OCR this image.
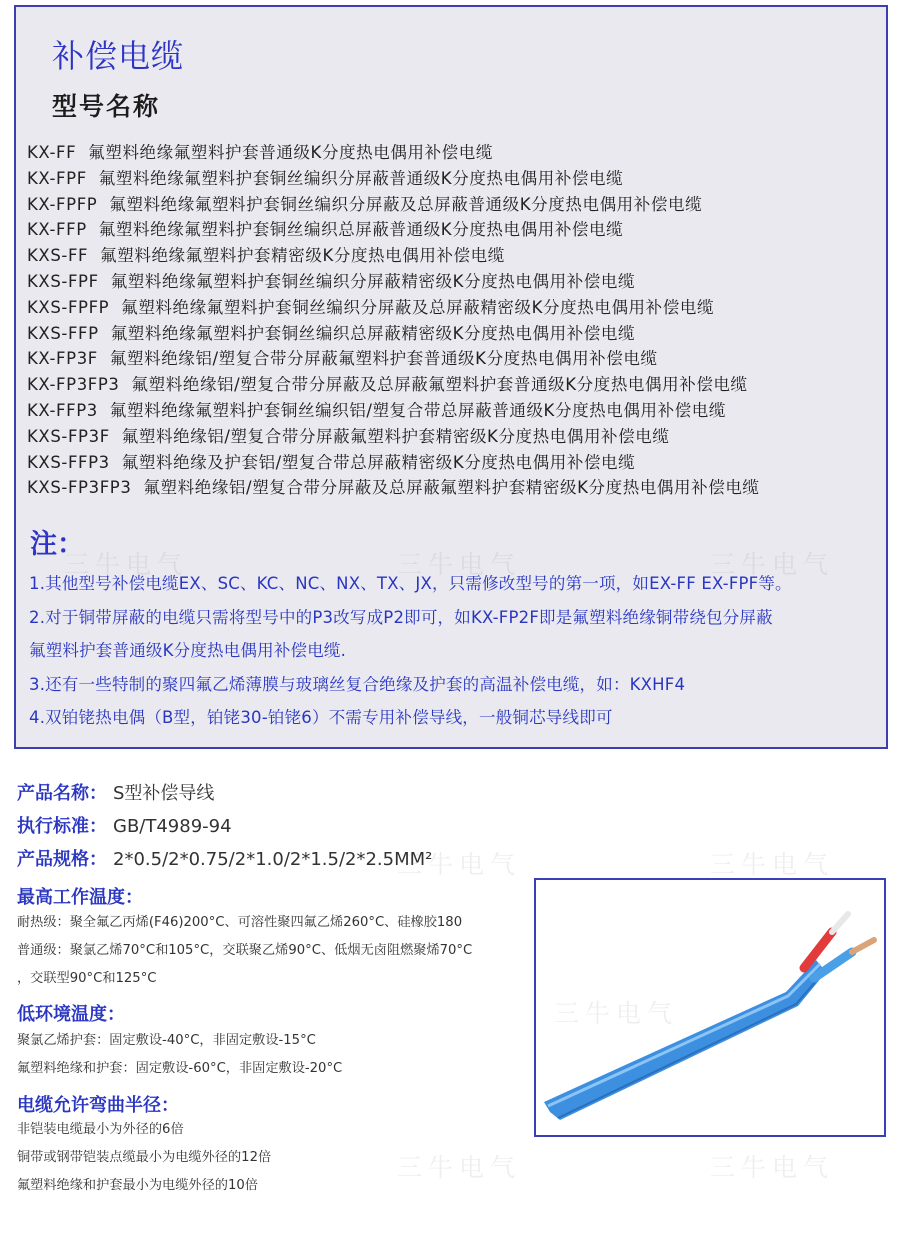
补偿电缆
型号名称
KX-FF 氟塑料绝缘氟塑料护套普通级K分度热电偶用补偿电缆
KX-FPF 氟塑料绝缘氟塑料护套铜丝编织分屏蔽普通级K分度热电偶用补偿电缆
KX-FPFP 氟塑料绝缘氟塑料护套铜丝编织分屏蔽及总屏蔽普通级K分度热电偶用补偿电缆
KX-FFP 氟塑料绝缘氟塑料护套铜丝编织总屏蔽普通级K分度热电偶用补偿电缆
KXS-FF 氟塑料绝缘氟塑料护套精密级K分度热电偶用补偿电缆
KXS-FPF 氟塑料绝缘氟塑料护套铜丝编织分屏蔽精密级K分度热电偶用补偿电缆
KXS-FPFP 氟塑料绝缘氟塑料护套铜丝编织分屏蔽及总屏蔽精密级K分度热电偶用补偿电缆
KXS-FFP 氟塑料绝缘氟塑料护套铜丝编织总屏蔽精密级K分度热电偶用补偿电缆
KX-FP3F 氟塑料绝缘铝/塑复合带分屏蔽氟塑料护套普通级K分度热电偶用补偿电缆
KX-FP3FP3 氟塑料绝缘铝/塑复合带分屏蔽及总屏蔽氟塑料护套普通级K分度热电偶用补偿电缆
KX-FFP3 氟塑料绝缘氟塑料护套铜丝编织铝/塑复合带总屏蔽普通级K分度热电偶用补偿电缆
KXS-FP3F 氟塑料绝缘铝/塑复合带分屏蔽氟塑料护套精密级K分度热电偶用补偿电缆
KXS-FFP3 氟塑料绝缘及护套铝/塑复合带总屏蔽精密级K分度热电偶用补偿电缆
KXS-FP3FP3 氟塑料绝缘铝/塑复合带分屏蔽及总屏蔽氟塑料护套精密级K分度热电偶用补偿电缆
注：
1.其他型号补偿电缆EX、SC、KC、NC、NX、TX、JX，只需修改型号的第一项，如EX-FF EX-FPF等。
2.对于铜带屏蔽的电缆只需将型号中的P3改写成P2即可，如KX-FP2F即是氟塑料绝缘铜带绕包分屏蔽
氟塑料护套普通级K分度热电偶用补偿电缆.
3.还有一些特制的聚四氟乙烯薄膜与玻璃丝复合绝缘及护套的高温补偿电缆，如：KXHF4
4.双铂铑热电偶（B型，铂铑30-铂铑6）不需专用补偿导线，一般铜芯导线即可
产品名称： S型补偿导线
执行标准： GB/T4989-94
产品规格： 2*0.5/2*0.75/2*1.0/2*1.5/2*2.5MM²
最高工作温度：
耐热级：聚全氟乙丙烯(F46)200°C、可溶性聚四氟乙烯260°C、硅橡胶180
普通级：聚氯乙烯70°C和105°C，交联聚乙烯90°C、低烟无卤阻燃聚烯70°C
，交联型90°C和125°C
低环境温度：
聚氯乙烯护套：固定敷设-40°C，非固定敷设-15°C
氟塑料绝缘和护套：固定敷设-60°C，非固定敷设-20°C
电缆允许弯曲半径：
非铠装电缆最小为外径的6倍
铜带或钢带铠装点缆最小为电缆外径的12倍
氟塑料绝缘和护套最小为电缆外径的10倍
三牛电气	三牛电气
三牛电气	三牛电气
